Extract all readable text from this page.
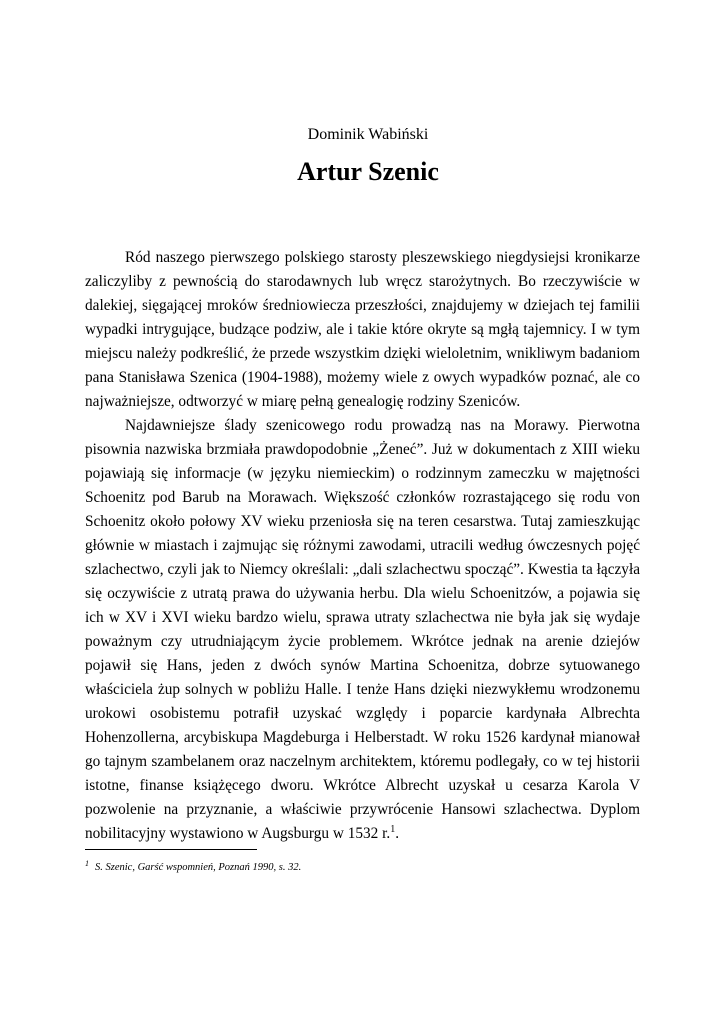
Dominik Wabiński
Artur Szenic

Ród naszego pierwszego polskiego starosty pleszewskiego niegdysiejsi kronikarze zaliczyliby z pewnością do starodawnych lub wręcz starożytnych. Bo rzeczywiście w dalekiej, sięgającej mroków średniowiecza przeszłości, znajdujemy w dziejach tej familii wypadki intrygujące, budzące podziw, ale i takie które okryte są mgłą tajemnicy. I w tym miejscu należy podkreślić, że przede wszystkim dzięki wieloletnim, wnikliwym badaniom pana Stanisława Szenica (1904-1988), możemy wiele z owych wypadków poznać, ale co najważniejsze, odtworzyć w miarę pełną genealogię rodziny Szeniców.

Najdawniejsze ślady szenicowego rodu prowadzą nas na Morawy. Pierwotna pisownia nazwiska brzmiała prawdopodobnie „Żeneć”. Już w dokumentach z XIII wieku pojawiają się informacje (w języku niemieckim) o rodzinnym zameczku w majętności Schoenitz pod Barub na Morawach. Większość członków rozrastającego się rodu von Schoenitz około połowy XV wieku przeniosła się na teren cesarstwa. Tutaj zamieszkując głównie w miastach i zajmując się różnymi zawodami, utracili według ówczesnych pojęć szlachectwo, czyli jak to Niemcy określali: „dali szlachectwu spocząć”. Kwestia ta łączyła się oczywiście z utratą prawa do używania herbu. Dla wielu Schoenitzów, a pojawia się ich w XV i XVI wieku bardzo wielu, sprawa utraty szlachectwa nie była jak się wydaje poważnym czy utrudniającym życie problemem. Wkrótce jednak na arenie dziejów pojawił się Hans, jeden z dwóch synów Martina Schoenitza, dobrze sytuowanego właściciela żup solnych w pobliżu Halle. I tenże Hans dzięki niezwykłemu wrodzonemu urokowi osobistemu potrafił uzyskać względy i poparcie kardynała Albrechta Hohenzollerna, arcybiskupa Magdeburga i Helberstadt. W roku 1526 kardynał mianował go tajnym szambelanem oraz naczelnym architektem, któremu podlegały, co w tej historii istotne, finanse książęcego dworu. Wkrótce Albrecht uzyskał u cesarza Karola V pozwolenie na przyznanie, a właściwie przywrócenie Hansowi szlachectwa. Dyplom nobilitacyjny wystawiono w Augsburgu w 1532 r.$^1$.

$^1$ S. Szenic, Garść wspomnień, Poznań 1990, s. 32.
